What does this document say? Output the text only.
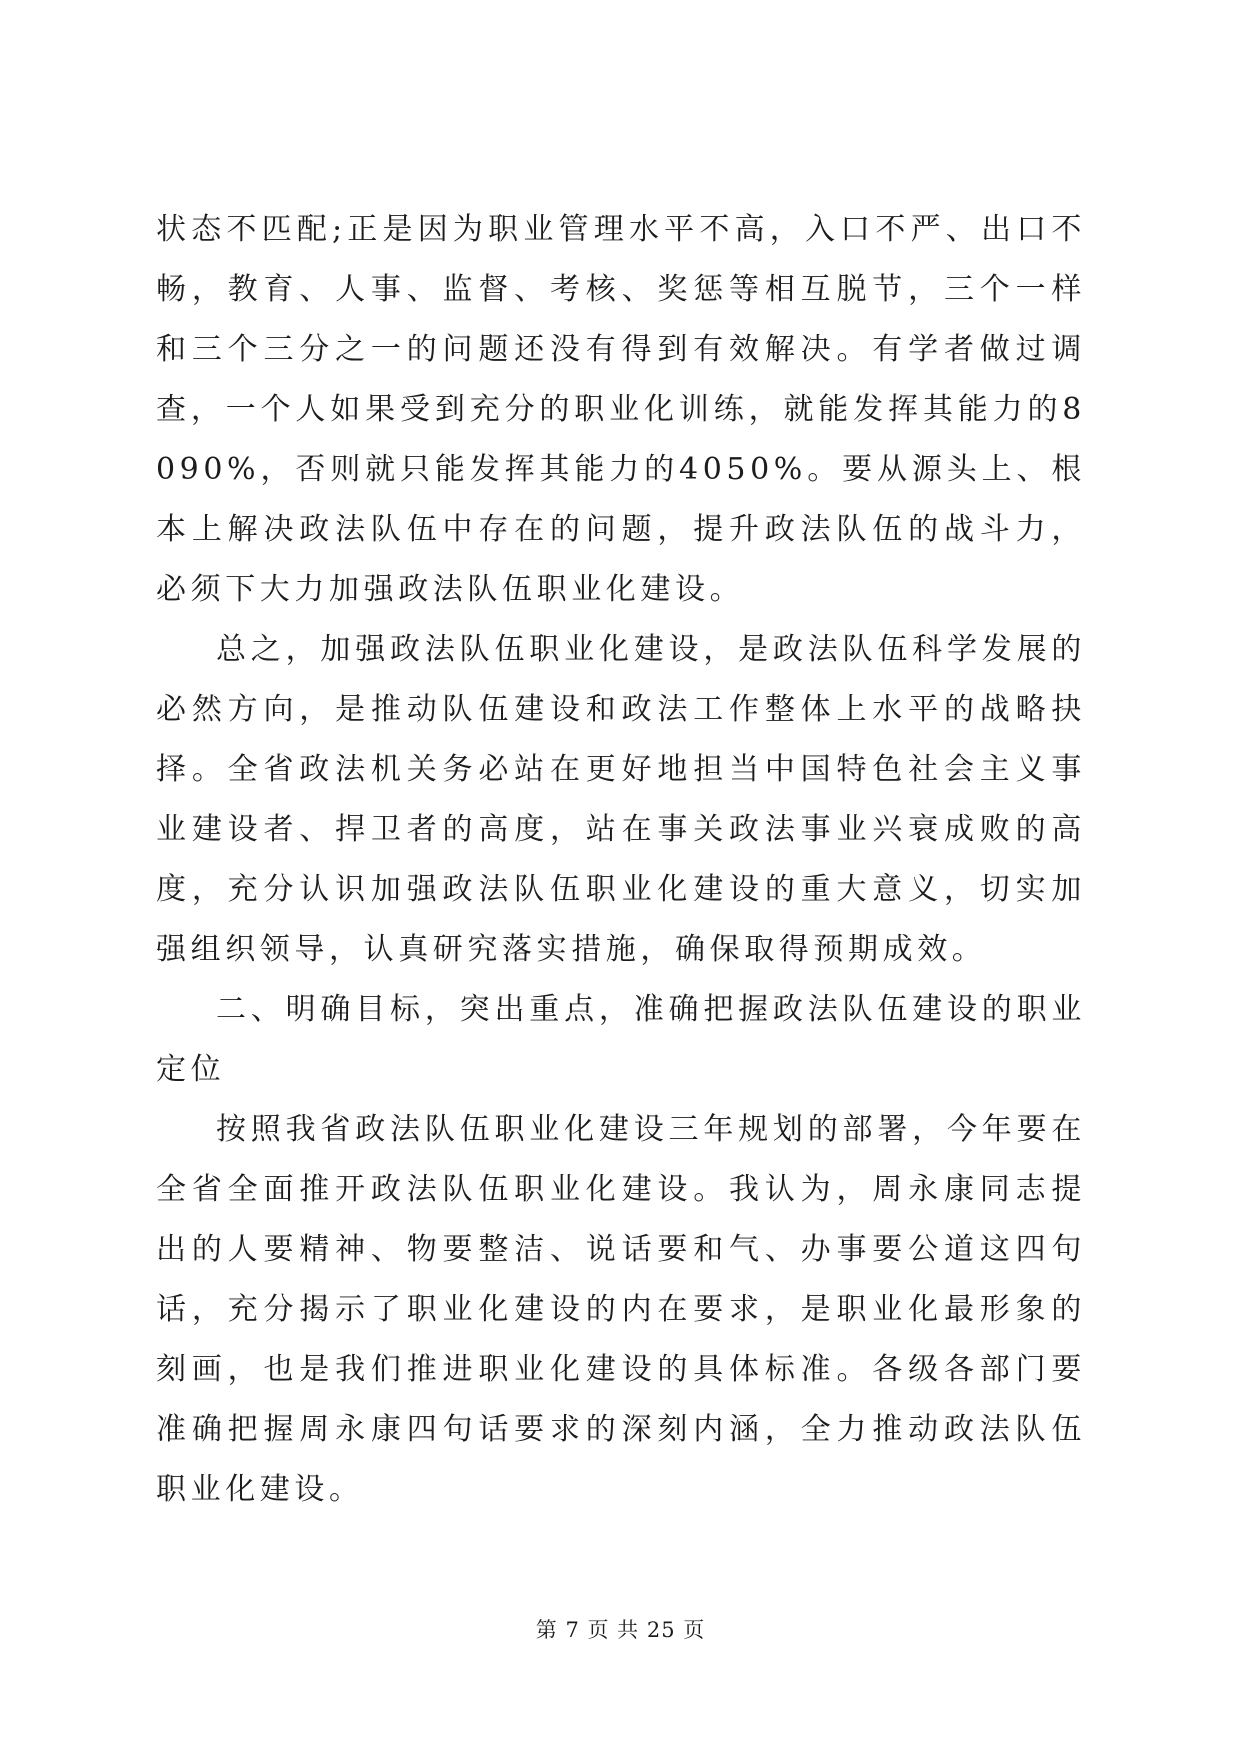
状态不匹配;正是因为职业管理水平不高，入口不严、出口不畅，教育、人事、监督、考核、奖惩等相互脱节，三个一样和三个三分之一的问题还没有得到有效解决。有学者做过调查，一个人如果受到充分的职业化训练，就能发挥其能力的8090%，否则就只能发挥其能力的4050%。要从源头上、根本上解决政法队伍中存在的问题，提升政法队伍的战斗力，必须下大力加强政法队伍职业化建设。

总之，加强政法队伍职业化建设，是政法队伍科学发展的必然方向，是推动队伍建设和政法工作整体上水平的战略抉择。全省政法机关务必站在更好地担当中国特色社会主义事业建设者、捍卫者的高度，站在事关政法事业兴衰成败的高度，充分认识加强政法队伍职业化建设的重大意义，切实加强组织领导，认真研究落实措施，确保取得预期成效。

二、明确目标，突出重点，准确把握政法队伍建设的职业定位

按照我省政法队伍职业化建设三年规划的部署，今年要在全省全面推开政法队伍职业化建设。我认为，周永康同志提出的人要精神、物要整洁、说话要和气、办事要公道这四句话，充分揭示了职业化建设的内在要求，是职业化最形象的刻画，也是我们推进职业化建设的具体标准。各级各部门要准确把握周永康四句话要求的深刻内涵，全力推动政法队伍职业化建设。

第 7 页 共 25 页
